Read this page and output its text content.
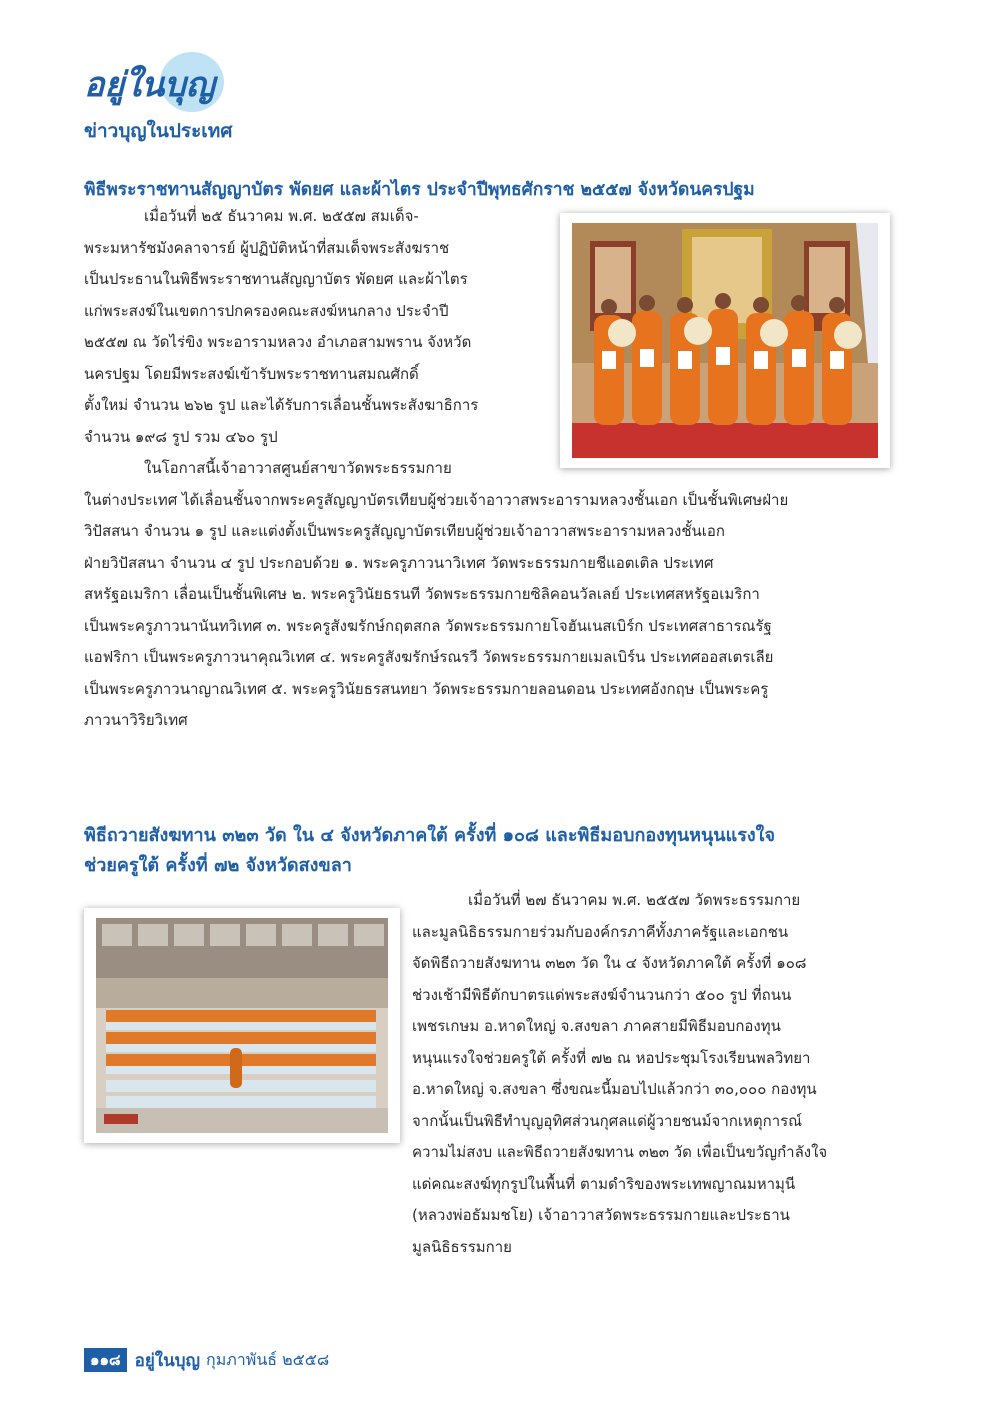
อยู่ในบุญ
ข่าวบุญในประเทศ
พิธีพระราชทานสัญญาบัตร พัดยศ และผ้าไตร ประจำปีพุทธศักราช ๒๕๕๗ จังหวัดนครปฐม
เมื่อวันที่ ๒๕ ธันวาคม พ.ศ. ๒๕๕๗ สมเด็จ-
พระมหารัชมังคลาจารย์ ผู้ปฏิบัติหน้าที่สมเด็จพระสังฆราช
เป็นประธานในพิธีพระราชทานสัญญาบัตร พัดยศ และผ้าไตร
แก่พระสงฆ์ในเขตการปกครองคณะสงฆ์หนกลาง ประจำปี
๒๕๕๗ ณ วัดไร่ขิง พระอารามหลวง อำเภอสามพราน จังหวัด
นครปฐม โดยมีพระสงฆ์เข้ารับพระราชทานสมณศักดิ์
ตั้งใหม่ จำนวน ๒๖๒ รูป และได้รับการเลื่อนชั้นพระสังฆาธิการ
จำนวน ๑๙๘ รูป รวม ๔๖๐ รูป
ในโอกาสนี้เจ้าอาวาสศูนย์สาขาวัดพระธรรมกาย
ในต่างประเทศ ได้เลื่อนชั้นจากพระครูสัญญาบัตรเทียบผู้ช่วยเจ้าอาวาสพระอารามหลวงชั้นเอก เป็นชั้นพิเศษฝ่าย
วิปัสสนา จำนวน ๑ รูป และแต่งตั้งเป็นพระครูสัญญาบัตรเทียบผู้ช่วยเจ้าอาวาสพระอารามหลวงชั้นเอก
ฝ่ายวิปัสสนา จำนวน ๔ รูป ประกอบด้วย ๑. พระครูภาวนาวิเทศ วัดพระธรรมกายชีแอตเติล ประเทศ
สหรัฐอเมริกา เลื่อนเป็นชั้นพิเศษ ๒. พระครูวินัยธรนที วัดพระธรรมกายซิลิคอนวัลเลย์ ประเทศสหรัฐอเมริกา
เป็นพระครูภาวนานันทวิเทศ ๓. พระครูสังฆรักษ์กฤตสกล วัดพระธรรมกายโจฮันเนสเบิร์ก ประเทศสาธารณรัฐ
แอฟริกา เป็นพระครูภาวนาคุณวิเทศ ๔. พระครูสังฆรักษ์รณรวี วัดพระธรรมกายเมลเบิร์น ประเทศออสเตรเลีย
เป็นพระครูภาวนาญาณวิเทศ ๕. พระครูวินัยธรสนทยา วัดพระธรรมกายลอนดอน ประเทศอังกฤษ เป็นพระครู
ภาวนาวิริยวิเทศ
พิธีถวายสังฆทาน ๓๒๓ วัด ใน ๔ จังหวัดภาคใต้ ครั้งที่ ๑๐๘ และพิธีมอบกองทุนหนุนแรงใจ
ช่วยครูใต้ ครั้งที่ ๗๒ จังหวัดสงขลา
เมื่อวันที่ ๒๗ ธันวาคม พ.ศ. ๒๕๕๗ วัดพระธรรมกาย
และมูลนิธิธรรมกายร่วมกับองค์กรภาคีทั้งภาครัฐและเอกชน
จัดพิธีถวายสังฆทาน ๓๒๓ วัด ใน ๔ จังหวัดภาคใต้ ครั้งที่ ๑๐๘
ช่วงเช้ามีพิธีตักบาตรแด่พระสงฆ์จำนวนกว่า ๕๐๐ รูป ที่ถนน
เพชรเกษม อ.หาดใหญ่ จ.สงขลา ภาคสายมีพิธีมอบกองทุน
หนุนแรงใจช่วยครูใต้ ครั้งที่ ๗๒ ณ หอประชุมโรงเรียนพลวิทยา
อ.หาดใหญ่ จ.สงขลา ซึ่งขณะนี้มอบไปแล้วกว่า ๓๐,๐๐๐ กองทุน
จากนั้นเป็นพิธีทำบุญอุทิศส่วนกุศลแด่ผู้วายชนม์จากเหตุการณ์
ความไม่สงบ และพิธีถวายสังฆทาน ๓๒๓ วัด เพื่อเป็นขวัญกำลังใจ
แด่คณะสงฆ์ทุกรูปในพื้นที่ ตามดำริของพระเทพญาณมหามุนี
(หลวงพ่อธัมมชโย) เจ้าอาวาสวัดพระธรรมกายและประธาน
มูลนิธิธรรมกาย
๑๑๘ อยู่ในบุญ กุมภาพันธ์ ๒๕๕๘
